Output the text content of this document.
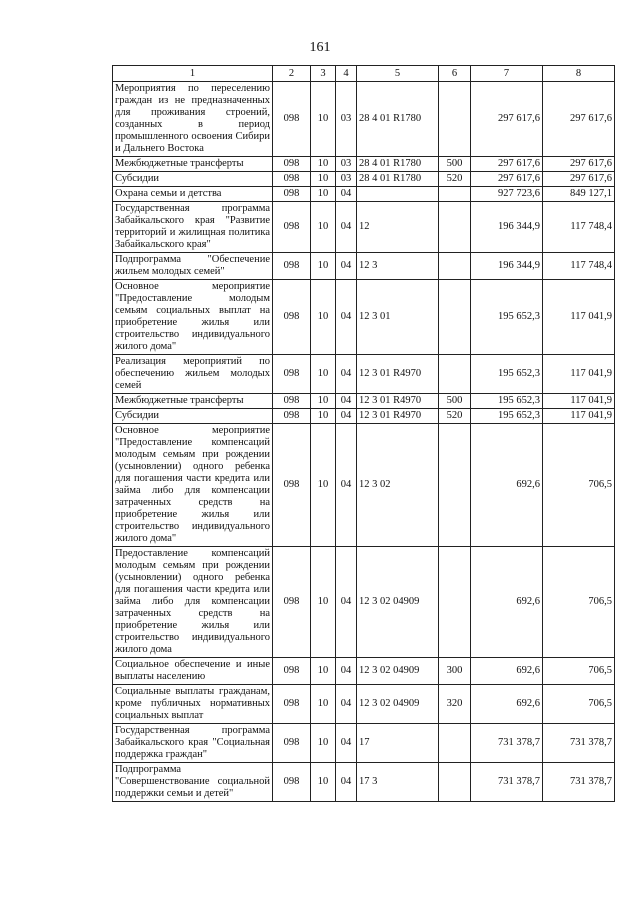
161
1	2	3	4	5	6	7	8
Мероприятия по переселению граждан из не предназначенных для проживания строений, созданных в период промышленного освоения Сибири и Дальнего Востока	098	10	03	28 4 01 R1780		297 617,6	297 617,6
Межбюджетные трансферты	098	10	03	28 4 01 R1780	500	297 617,6	297 617,6
Субсидии	098	10	03	28 4 01 R1780	520	297 617,6	297 617,6
Охрана семьи и детства	098	10	04			927 723,6	849 127,1
Государственная программа Забайкальского края "Развитие территорий и жилищная политика Забайкальского края"	098	10	04	12		196 344,9	117 748,4
Подпрограмма "Обеспечение жильем молодых семей"	098	10	04	12 3		196 344,9	117 748,4
Основное мероприятие "Предоставление молодым семьям социальных выплат на приобретение жилья или строительство индивидуального жилого дома"	098	10	04	12 3 01		195 652,3	117 041,9
Реализация мероприятий по обеспечению жильем молодых семей	098	10	04	12 3 01 R4970		195 652,3	117 041,9
Межбюджетные трансферты	098	10	04	12 3 01 R4970	500	195 652,3	117 041,9
Субсидии	098	10	04	12 3 01 R4970	520	195 652,3	117 041,9
Основное мероприятие "Предоставление компенсаций молодым семьям при рождении (усыновлении) одного ребенка для погашения части кредита или займа либо для компенсации затраченных средств на приобретение жилья или строительство индивидуального жилого дома"	098	10	04	12 3 02		692,6	706,5
Предоставление компенсаций молодым семьям при рождении (усыновлении) одного ребенка для погашения части кредита или займа либо для компенсации затраченных средств на приобретение жилья или строительство индивидуального жилого дома	098	10	04	12 3 02 04909		692,6	706,5
Социальное обеспечение и иные выплаты населению	098	10	04	12 3 02 04909	300	692,6	706,5
Социальные выплаты гражданам, кроме публичных нормативных социальных выплат	098	10	04	12 3 02 04909	320	692,6	706,5
Государственная программа Забайкальского края "Социальная поддержка граждан"	098	10	04	17		731 378,7	731 378,7
Подпрограмма "Совершенствование социальной поддержки семьи и детей"	098	10	04	17 3		731 378,7	731 378,7
